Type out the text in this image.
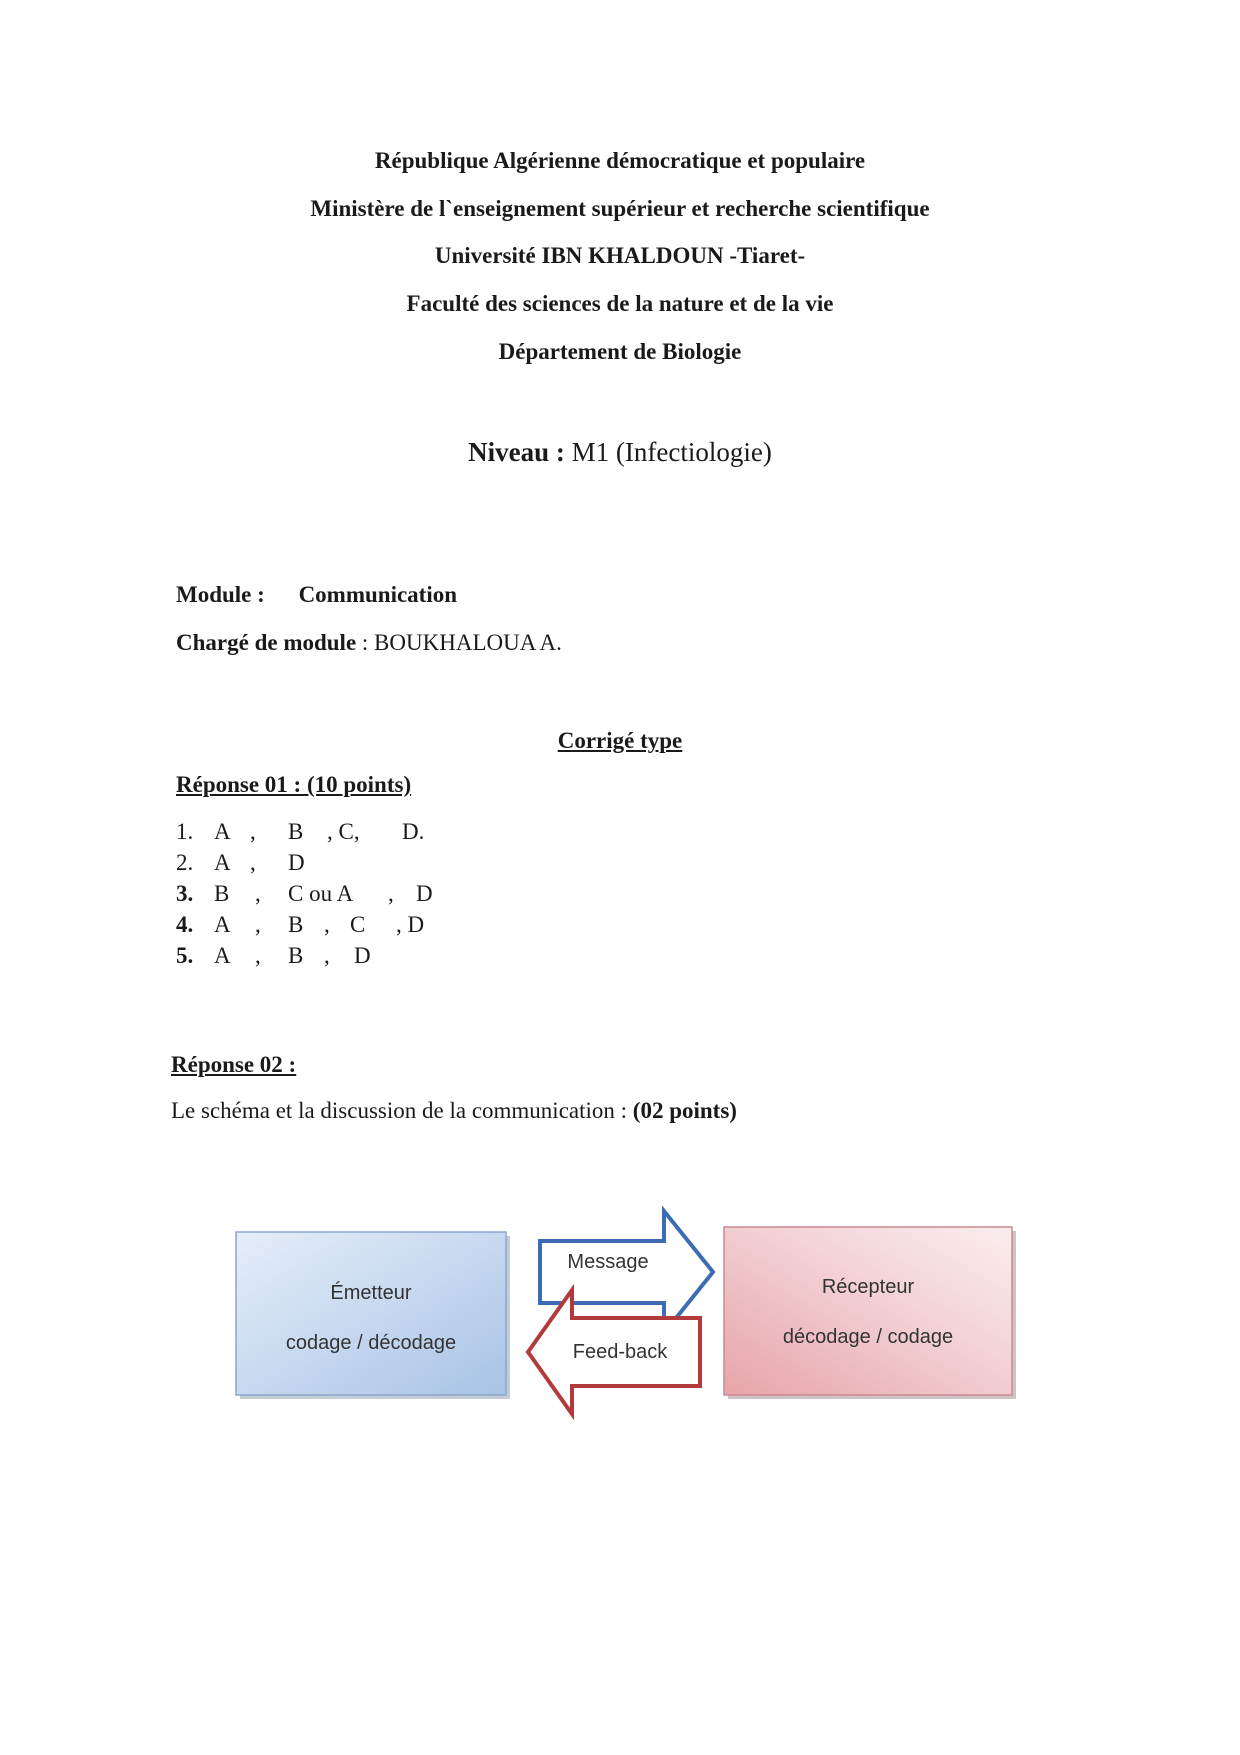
République Algérienne démocratique et populaire
Ministère de l`enseignement supérieur et recherche scientifique
Université IBN KHALDOUN -Tiaret-
Faculté des sciences de la nature et de la vie
Département de Biologie
Niveau : M1 (Infectiologie)
Module : Communication
Chargé de module : BOUKHALOUA A.
Corrigé type
Réponse 01 : (10 points)
1. A , B , C, D.
2. A , D
3. B , C ou A , D
4. A , B , C , D
5. A , B , D
Réponse 02 :
Le schéma et la discussion de la communication : (02 points)
Émetteur
codage / décodage
Message
Feed-back
Récepteur
décodage / codage
